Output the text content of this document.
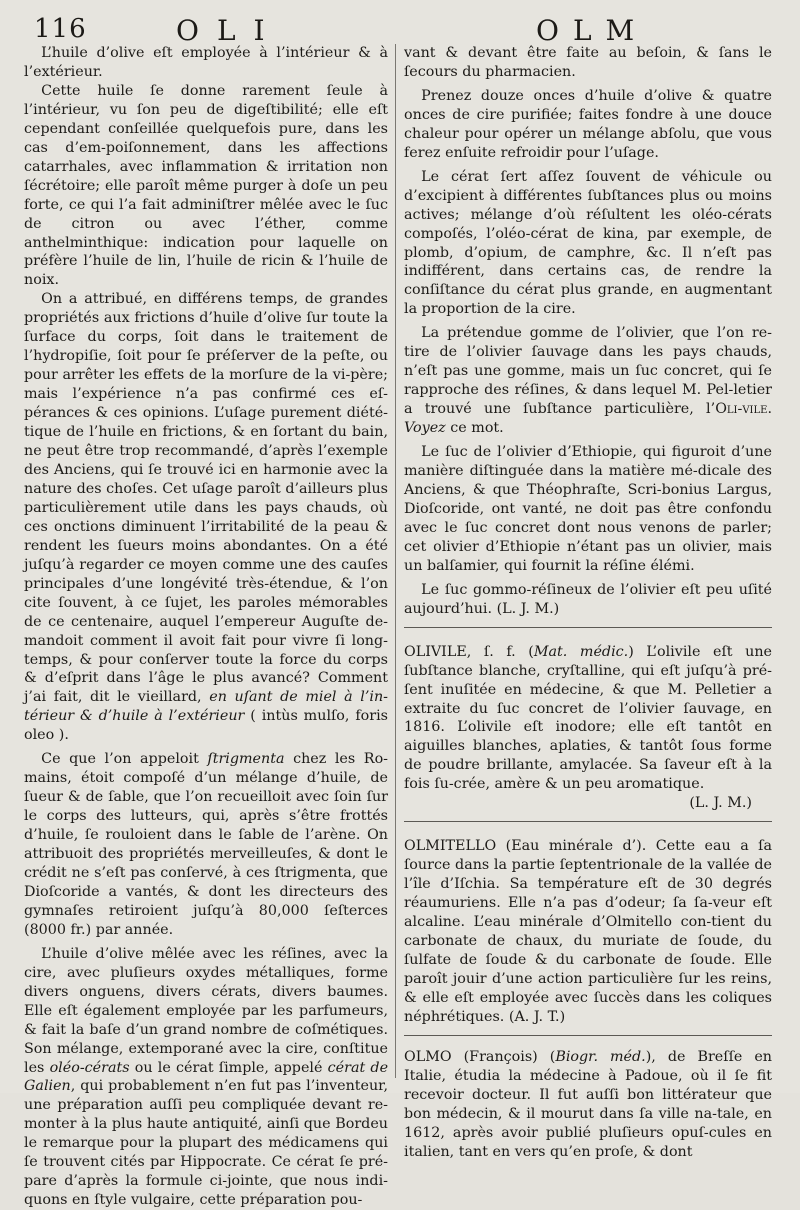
116	OLI	OLM

L’huile d’olive eſt employée à l’intérieur & à l’extérieur.

Cette huile ſe donne rarement ſeule à l’intérieur, vu ſon peu de digeſtibilité; elle eſt cependant conſeillée quelquefois pure, dans les cas d’em-poiſonnement, dans les affections catarrhales, avec inflammation & irritation non ſécrétoire; elle paroît même purger à doſe un peu forte, ce qui l’a fait adminiſtrer mêlée avec le ſuc de citron ou avec l’éther, comme anthelminthique: indication pour laquelle on préfère l’huile de lin, l’huile de ricin & l’huile de noix.

On a attribué, en différens temps, de grandes propriétés aux frictions d’huile d’olive ſur toute la ſurface du corps, ſoit dans le traitement de l’hydropiſie, ſoit pour ſe préſerver de la peſte, ou pour arrêter les effets de la morſure de la vi-père; mais l’expérience n’a pas confirmé ces eſ-pérances & ces opinions. L’uſage purement diété-tique de l’huile en frictions, & en ſortant du bain, ne peut être trop recommandé, d’après l’exemple des Anciens, qui ſe trouvé ici en harmonie avec la nature des choſes. Cet uſage paroît d’ailleurs plus particulièrement utile dans les pays chauds, où ces onctions diminuent l’irritabilité de la peau & rendent les ſueurs moins abondantes. On a été juſqu’à regarder ce moyen comme une des cauſes principales d’une longévité très-étendue, & l’on cite ſouvent, à ce ſujet, les paroles mémorables de ce centenaire, auquel l’empereur Auguſte de-mandoit comment il avoit fait pour vivre ſi long-temps, & pour conſerver toute la force du corps & d’eſprit dans l’âge le plus avancé? Comment j’ai fait, dit le vieillard, en uſant de miel à l’in-térieur & d’huile à l’extérieur ( intùs mulſo, foris oleo ).

Ce que l’on appeloit ſtrigmenta chez les Ro-mains, étoit compoſé d’un mélange d’huile, de ſueur & de ſable, que l’on recueilloit avec ſoin ſur le corps des lutteurs, qui, après s’être frottés d’huile, ſe rouloient dans le ſable de l’arène. On attribuoit des propriétés merveilleuſes, & dont le crédit ne s’eſt pas conſervé, à ces ſtrigmenta, que Dioſcoride a vantés, & dont les directeurs des gymnaſes retiroient juſqu’à 80,000 ſeſterces (8000 fr.) par année.

L’huile d’olive mêlée avec les réſines, avec la cire, avec pluſieurs oxydes métalliques, forme divers onguens, divers cérats, divers baumes. Elle eſt également employée par les parfumeurs, & fait la baſe d’un grand nombre de coſmétiques. Son mélange, extemporané avec la cire, conſtitue les oléo-cérats ou le cérat ſimple, appelé cérat de Galien, qui probablement n’en fut pas l’inventeur, une préparation auſſi peu compliquée devant re-monter à la plus haute antiquité, ainſi que Bordeu le remarque pour la plupart des médicamens qui ſe trouvent cités par Hippocrate. Ce cérat ſe pré-pare d’après la formule ci-jointe, que nous indi-quons en ſtyle vulgaire, cette préparation pou-

vant & devant être faite au beſoin, & ſans le ſecours du pharmacien.

Prenez douze onces d’huile d’olive & quatre onces de cire purifiée; faites fondre à une douce chaleur pour opérer un mélange abſolu, que vous ferez enſuite refroidir pour l’uſage.

Le cérat ſert aſſez ſouvent de véhicule ou d’excipient à différentes ſubſtances plus ou moins actives; mélange d’où réſultent les oléo-cérats compoſés, l’oléo-cérat de kina, par exemple, de plomb, d’opium, de camphre, &c. Il n’eſt pas indifférent, dans certains cas, de rendre la conſiſtance du cérat plus grande, en augmentant la proportion de la cire.

La prétendue gomme de l’olivier, que l’on re-tire de l’olivier ſauvage dans les pays chauds, n’eſt pas une gomme, mais un ſuc concret, qui ſe rapproche des réſines, & dans lequel M. Pel-letier a trouvé une ſubſtance particulière, l’Oli-vile. Voyez ce mot.

Le ſuc de l’olivier d’Ethiopie, qui figuroit d’une manière diſtinguée dans la matière mé-dicale des Anciens, & que Théophraſte, Scri-bonius Largus, Dioſcoride, ont vanté, ne doit pas être confondu avec le ſuc concret dont nous venons de parler; cet olivier d’Ethiopie n’étant pas un olivier, mais un balſamier, qui fournit la réſine élémi.

Le ſuc gommo-réſineux de l’olivier eſt peu uſité aujourd’hui. (L. J. M.)

OLIVILE, ſ. f. (Mat. médic.) L’olivile eſt une ſubſtance blanche, cryſtalline, qui eſt juſqu’à pré-ſent inuſitée en médecine, & que M. Pelletier a extraite du ſuc concret de l’olivier ſauvage, en 1816. L’olivile eſt inodore; elle eſt tantôt en aiguilles blanches, aplaties, & tantôt ſous forme de poudre brillante, amylacée. Sa ſaveur eſt à la fois ſu-crée, amère & un peu aromatique.
(L. J. M.)

OLMITELLO (Eau minérale d’). Cette eau a ſa ſource dans la partie ſeptentrionale de la vallée de l’île d’Iſchia. Sa température eſt de 30 degrés réaumuriens. Elle n’a pas d’odeur; ſa ſa-veur eſt alcaline. L’eau minérale d’Olmitello con-tient du carbonate de chaux, du muriate de ſoude, du ſulfate de ſoude & du carbonate de ſoude. Elle paroît jouir d’une action particulière ſur les reins, & elle eſt employée avec ſuccès dans les coliques néphrétiques. (A. J. T.)

OLMO (François) (Biogr. méd.), de Breſſe en Italie, étudia la médecine à Padoue, où il ſe fit recevoir docteur. Il fut auſſi bon littérateur que bon médecin, & il mourut dans ſa ville na-tale, en 1612, après avoir publié pluſieurs opuſ-cules en italien, tant en vers qu’en proſe, & dont
